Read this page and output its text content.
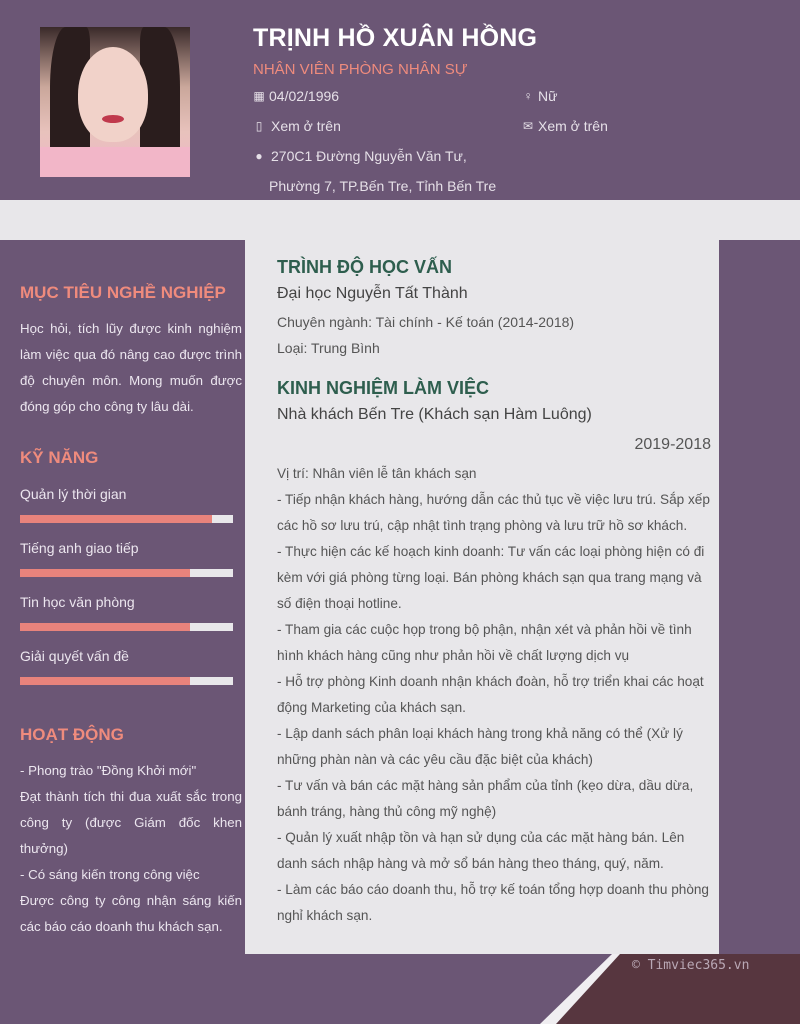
TRỊNH HỒ XUÂN HỒNG
NHÂN VIÊN PHÒNG NHÂN SỰ
▦ 04/02/1996	♀ Nữ
▯ Xem ở trên	✉ Xem ở trên
● 270C1 Đường Nguyễn Văn Tư,
Phường 7, TP.Bến Tre, Tỉnh Bến Tre
MỤC TIÊU NGHỀ NGHIỆP
Học hỏi, tích lũy được kinh nghiệm làm việc qua đó nâng cao được trình độ chuyên môn. Mong muốn được đóng góp cho công ty lâu dài.
KỸ NĂNG
Quản lý thời gian
Tiếng anh giao tiếp
Tin học văn phòng
Giải quyết vấn đề
HOẠT ĐỘNG
- Phong trào "Đồng Khởi mới"
Đạt thành tích thi đua xuất sắc trong công ty (được Giám đốc khen thưởng)
- Có sáng kiến trong công việc
Được công ty công nhận sáng kiến các báo cáo doanh thu khách sạn.
TRÌNH ĐỘ HỌC VẤN
Đại học Nguyễn Tất Thành
Chuyên ngành: Tài chính - Kế toán (2014-2018)
Loại: Trung Bình
KINH NGHIỆM LÀM VIỆC
Nhà khách Bến Tre (Khách sạn Hàm Luông)
2019-2018
Vị trí: Nhân viên lễ tân khách sạn
- Tiếp nhận khách hàng, hướng dẫn các thủ tục về việc lưu trú. Sắp xếp các hồ sơ lưu trú, cập nhật tình trạng phòng và lưu trữ hồ sơ khách.
- Thực hiện các kế hoạch kinh doanh: Tư vấn các loại phòng hiện có đi kèm với giá phòng từng loại. Bán phòng khách sạn qua trang mạng và số điện thoại hotline.
- Tham gia các cuộc họp trong bộ phận, nhận xét và phản hồi về tình hình khách hàng cũng như phản hồi về chất lượng dịch vụ
- Hỗ trợ phòng Kinh doanh nhận khách đoàn, hỗ trợ triển khai các hoạt động Marketing của khách sạn.
- Lập danh sách phân loại khách hàng trong khả năng có thể (Xử lý những phàn nàn và các yêu cầu đặc biệt của khách)
- Tư vấn và bán các mặt hàng sản phẩm của tỉnh (kẹo dừa, dầu dừa, bánh tráng, hàng thủ công mỹ nghệ)
- Quản lý xuất nhập tồn và hạn sử dụng của các mặt hàng bán. Lên danh sách nhập hàng và mở sổ bán hàng theo tháng, quý, năm.
- Làm các báo cáo doanh thu, hỗ trợ kế toán tổng hợp doanh thu phòng nghỉ khách sạn.
© Timviec365.vn
